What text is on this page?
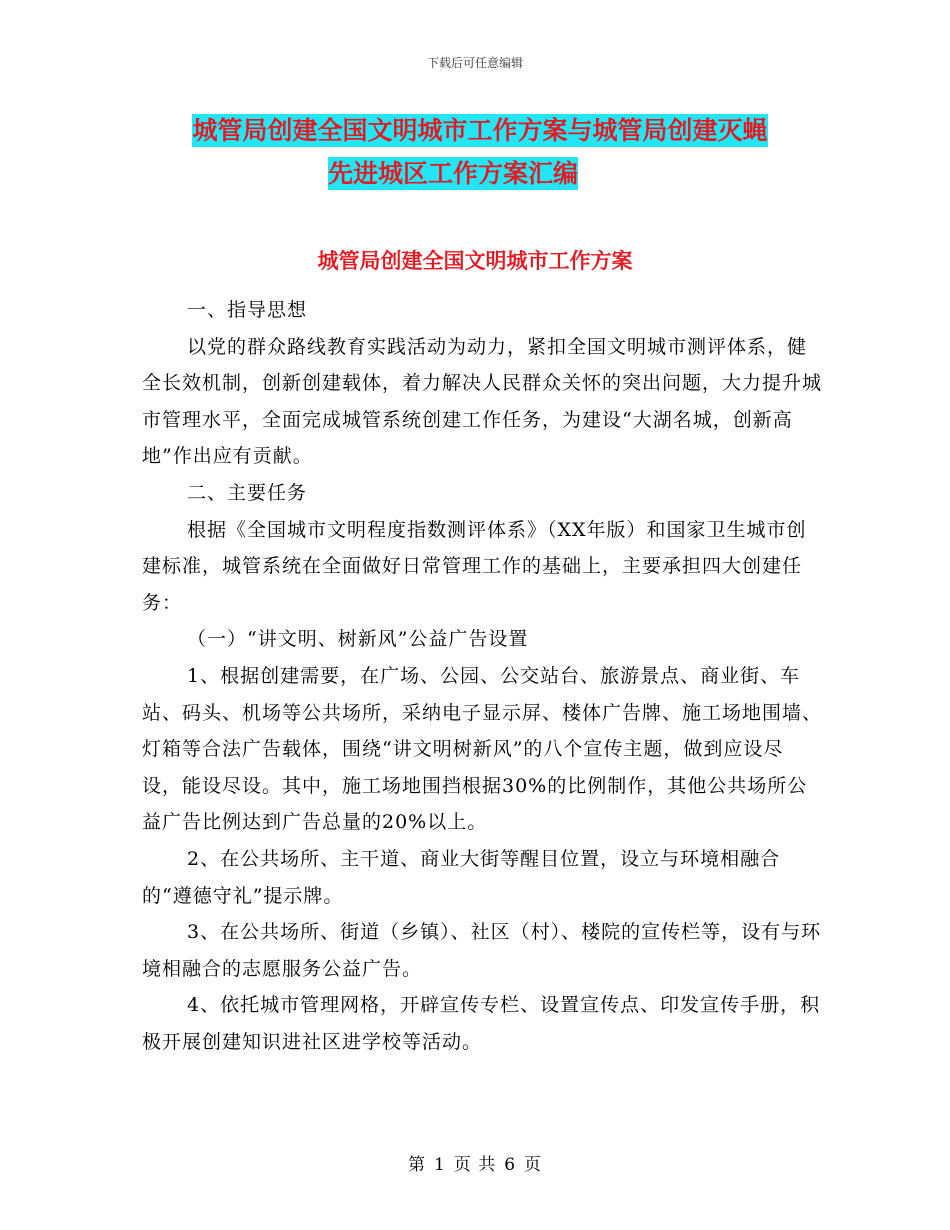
下载后可任意编辑
城管局创建全国文明城市工作方案与城管局创建灭蝇
先进城区工作方案汇编
城管局创建全国文明城市工作方案

一、指导思想

以党的群众路线教育实践活动为动力，紧扣全国文明城市测评体系，健全长效机制，创新创建载体，着力解决人民群众关怀的突出问题，大力提升城市管理水平，全面完成城管系统创建工作任务，为建设“大湖名城，创新高地”作出应有贡献。

二、主要任务

根据《全国城市文明程度指数测评体系》（XX年版）和国家卫生城市创建标准，城管系统在全面做好日常管理工作的基础上，主要承担四大创建任务：

（一）“讲文明、树新风”公益广告设置

1、根据创建需要，在广场、公园、公交站台、旅游景点、商业街、车站、码头、机场等公共场所，采纳电子显示屏、楼体广告牌、施工场地围墙、灯箱等合法广告载体，围绕“讲文明树新风”的八个宣传主题，做到应设尽设，能设尽设。其中，施工场地围挡根据30%的比例制作，其他公共场所公益广告比例达到广告总量的20%以上。

2、在公共场所、主干道、商业大街等醒目位置，设立与环境相融合的“遵德守礼”提示牌。

3、在公共场所、街道（乡镇）、社区（村）、楼院的宣传栏等，设有与环境相融合的志愿服务公益广告。

4、依托城市管理网格，开辟宣传专栏、设置宣传点、印发宣传手册，积极开展创建知识进社区进学校等活动。

第 1 页 共 6 页
